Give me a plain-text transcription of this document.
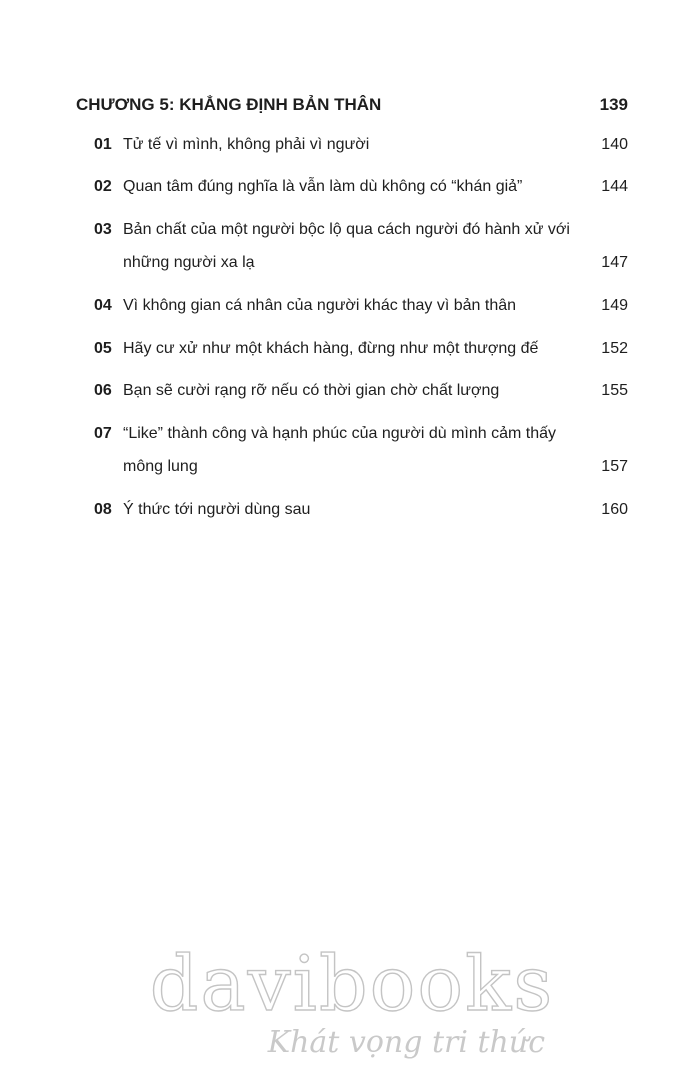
CHƯƠNG 5: KHẲNG ĐỊNH BẢN THÂN	139
01 Tử tế vì mình, không phải vì người	140
02 Quan tâm đúng nghĩa là vẫn làm dù không có “khán giả”	144
03 Bản chất của một người bộc lộ qua cách người đó hành xử với
những người xa lạ	147
04 Vì không gian cá nhân của người khác thay vì bản thân	149
05 Hãy cư xử như một khách hàng, đừng như một thượng đế	152
06 Bạn sẽ cười rạng rỡ nếu có thời gian chờ chất lượng	155
07 “Like” thành công và hạnh phúc của người dù mình cảm thấy
mông lung	157
08 Ý thức tới người dùng sau	160
davibooks
Khát vọng tri thức
